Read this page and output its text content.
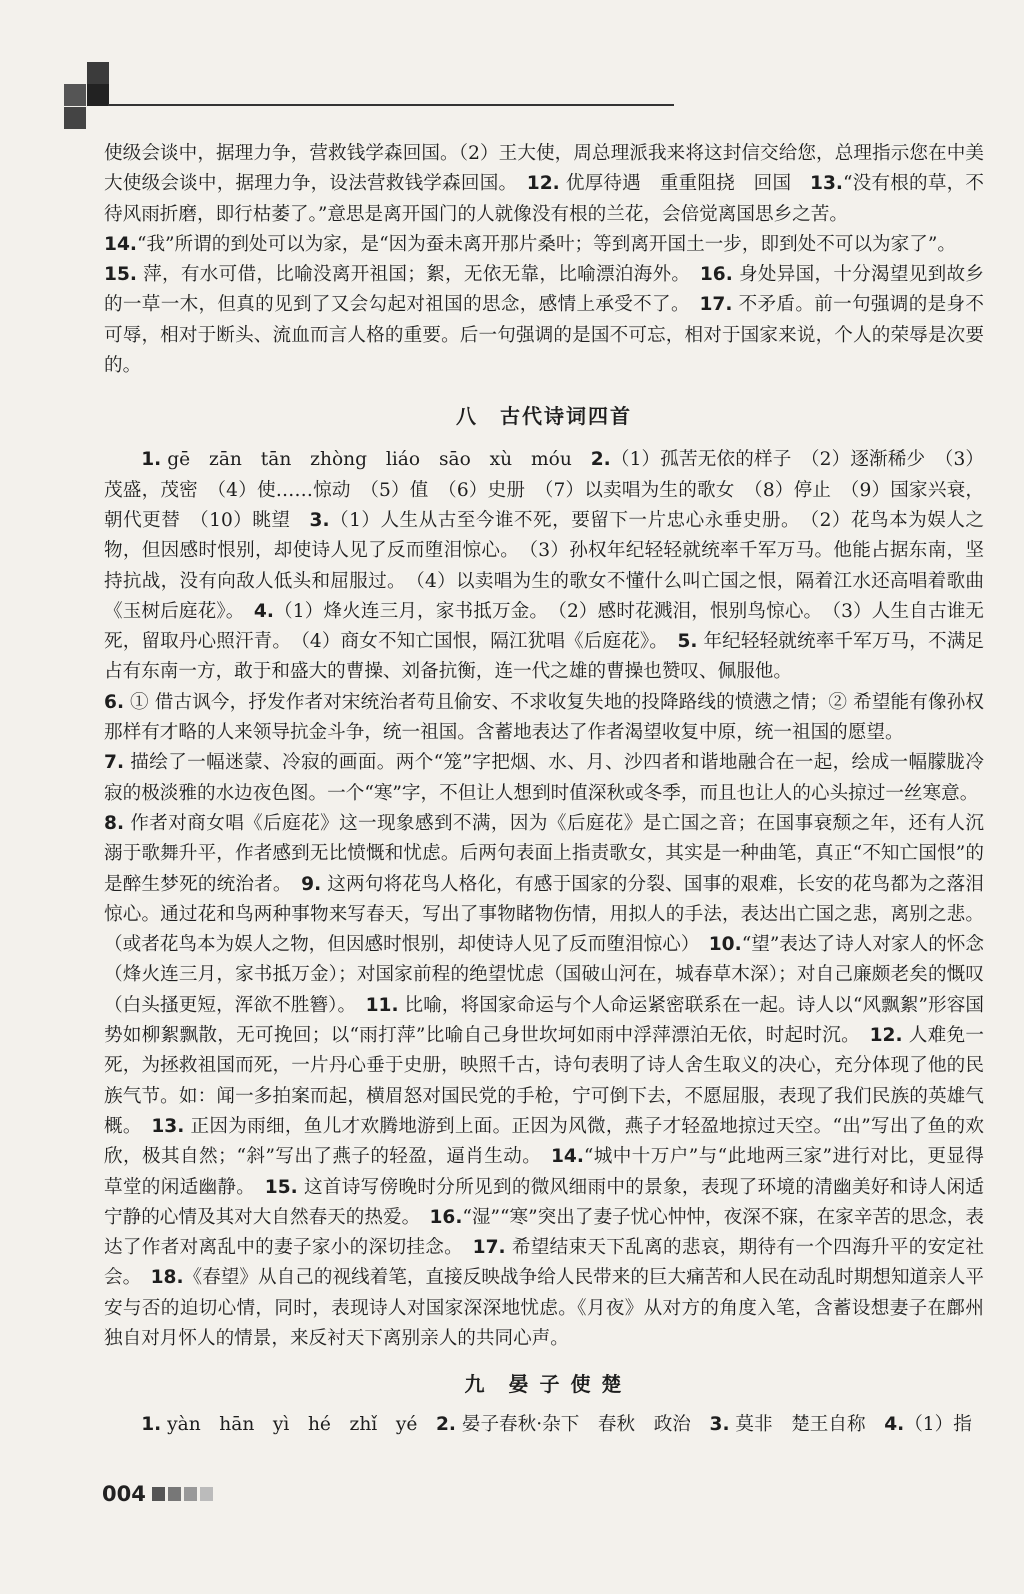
使级会谈中，据理力争，营救钱学森回国。（2）王大使，周总理派我来将这封信交给您，总理指示您在中美大使级会谈中，据理力争，设法营救钱学森回国。　12. 优厚待遇　重重阻挠　回国　13.“没有根的草，不待风雨折磨，即行枯萎了。”意思是离开国门的人就像没有根的兰花，会倍觉离国思乡之苦。

14.“我”所谓的到处可以为家，是“因为蚕未离开那片桑叶；等到离开国土一步，即到处不可以为家了”。

15. 萍，有水可借，比喻没离开祖国；絮，无依无靠，比喻漂泊海外。　16. 身处异国，十分渴望见到故乡的一草一木，但真的见到了又会勾起对祖国的思念，感情上承受不了。　17. 不矛盾。前一句强调的是身不可辱，相对于断头、流血而言人格的重要。后一句强调的是国不可忘，相对于国家来说，个人的荣辱是次要的。

八　古代诗词四首

1. gē　zān　tān　zhòng　liáo　sāo　xù　móu　2.（1）孤苦无依的样子　（2）逐渐稀少　（3）茂盛，茂密　（4）使……惊动　（5）值　（6）史册　（7）以卖唱为生的歌女　（8）停止　（9）国家兴衰，朝代更替　（10）眺望　3.（1）人生从古至今谁不死，要留下一片忠心永垂史册。　（2）花鸟本为娱人之物，但因感时恨别，却使诗人见了反而堕泪惊心。　（3）孙权年纪轻轻就统率千军万马。他能占据东南，坚持抗战，没有向敌人低头和屈服过。　（4）以卖唱为生的歌女不懂什么叫亡国之恨，隔着江水还高唱着歌曲《玉树后庭花》。　4.（1）烽火连三月，家书抵万金。　（2）感时花溅泪，恨别鸟惊心。　（3）人生自古谁无死，留取丹心照汗青。　（4）商女不知亡国恨，隔江犹唱《后庭花》。　5. 年纪轻轻就统率千军万马，不满足占有东南一方，敢于和盛大的曹操、刘备抗衡，连一代之雄的曹操也赞叹、佩服他。

6. ① 借古讽今，抒发作者对宋统治者苟且偷安、不求收复失地的投降路线的愤懑之情；② 希望能有像孙权那样有才略的人来领导抗金斗争，统一祖国。含蓄地表达了作者渴望收复中原，统一祖国的愿望。

7. 描绘了一幅迷蒙、冷寂的画面。两个“笼”字把烟、水、月、沙四者和谐地融合在一起，绘成一幅朦胧冷寂的极淡雅的水边夜色图。一个“寒”字，不但让人想到时值深秋或冬季，而且也让人的心头掠过一丝寒意。

8. 作者对商女唱《后庭花》这一现象感到不满，因为《后庭花》是亡国之音；在国事衰颓之年，还有人沉溺于歌舞升平，作者感到无比愤慨和忧虑。后两句表面上指责歌女，其实是一种曲笔，真正“不知亡国恨”的是醉生梦死的统治者。　9. 这两句将花鸟人格化，有感于国家的分裂、国事的艰难，长安的花鸟都为之落泪惊心。通过花和鸟两种事物来写春天，写出了事物睹物伤情，用拟人的手法，表达出亡国之悲，离别之悲。（或者花鸟本为娱人之物，但因感时恨别，却使诗人见了反而堕泪惊心）　10.“望”表达了诗人对家人的怀念（烽火连三月，家书抵万金）；对国家前程的绝望忧虑（国破山河在，城春草木深）；对自己廉颇老矣的慨叹（白头搔更短，浑欲不胜簪）。　11. 比喻，将国家命运与个人命运紧密联系在一起。诗人以“风飘絮”形容国势如柳絮飘散，无可挽回；以“雨打萍”比喻自己身世坎坷如雨中浮萍漂泊无依，时起时沉。　12. 人难免一死，为拯救祖国而死，一片丹心垂于史册，映照千古，诗句表明了诗人舍生取义的决心，充分体现了他的民族气节。如：闻一多拍案而起，横眉怒对国民党的手枪，宁可倒下去，不愿屈服，表现了我们民族的英雄气概。　13. 正因为雨细，鱼儿才欢腾地游到上面。正因为风微，燕子才轻盈地掠过天空。“出”写出了鱼的欢欣，极其自然；“斜”写出了燕子的轻盈，逼肖生动。　14.“城中十万户”与“此地两三家”进行对比，更显得草堂的闲适幽静。　15. 这首诗写傍晚时分所见到的微风细雨中的景象，表现了环境的清幽美好和诗人闲适宁静的心情及其对大自然春天的热爱。　16.“湿”“寒”突出了妻子忧心忡忡，夜深不寐，在家辛苦的思念，表达了作者对离乱中的妻子家小的深切挂念。　17. 希望结束天下乱离的悲哀，期待有一个四海升平的安定社会。　18.《春望》从自己的视线着笔，直接反映战争给人民带来的巨大痛苦和人民在动乱时期想知道亲人平安与否的迫切心情，同时，表现诗人对国家深深地忧虑。《月夜》从对方的角度入笔，含蓄设想妻子在鄜州独自对月怀人的情景，来反衬天下离别亲人的共同心声。

九　晏 子 使 楚

1. yàn　hān　yì　hé　zhǐ　yé　2. 晏子春秋·杂下　春秋　政治　3. 莫非　楚王自称　4.（1）指

004
